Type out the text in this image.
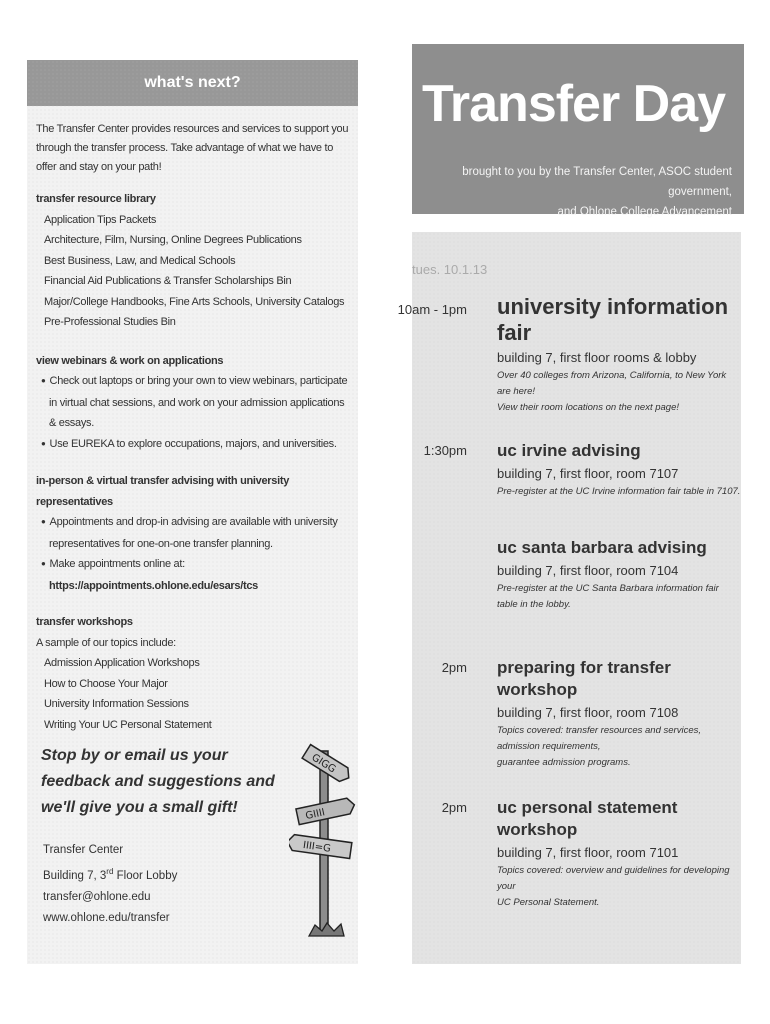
what's next?

The Transfer Center provides resources and services to support you through the transfer process. Take advantage of what we have to offer and stay on your path!

transfer resource library
Application Tips Packets
Architecture, Film, Nursing, Online Degrees Publications
Best Business, Law, and Medical Schools
Financial Aid Publications & Transfer Scholarships Bin
Major/College Handbooks, Fine Arts Schools, University Catalogs
Pre-Professional Studies Bin
view webinars & work on applications
● Check out laptops or bring your own to view webinars, participate in virtual chat sessions, and work on your admission applications & essays.
● Use EUREKA to explore occupations, majors, and universities.
in-person & virtual transfer advising with university representatives
● Appointments and drop-in advising are available with university representatives for one-on-one transfer planning.
● Make appointments online at: https://appointments.ohlone.edu/esars/tcs
transfer workshops
A sample of our topics include:
Admission Application Workshops
How to Choose Your Major
University Information Sessions
Writing Your UC Personal Statement
Stop by or email us your feedback and suggestions and we'll give you a small gift!
Transfer Center
Building 7, 3rd Floor Lobby
transfer@ohlone.edu
www.ohlone.edu/transfer
GIGG
GIIII
IIII=G
Transfer Day
brought to you by the Transfer Center, ASOC student government,
and Ohlone College Advancement
tues. 10.1.13
10am - 1pm university information fair
building 7, first floor rooms & lobby
Over 40 colleges from Arizona, California, to New York are here!
View their room locations on the next page!
1:30pm uc irvine advising
building 7, first floor, room 7107
Pre-register at the UC Irvine information fair table in 7107.
uc santa barbara advising
building 7, first floor, room 7104
Pre-register at the UC Santa Barbara information fair table in the lobby.
2pm preparing for transfer workshop
building 7, first floor, room 7108
Topics covered: transfer resources and services, admission requirements,
guarantee admission programs.
2pm uc personal statement workshop
building 7, first floor, room 7101
Topics covered: overview and guidelines for developing your
UC Personal Statement.
